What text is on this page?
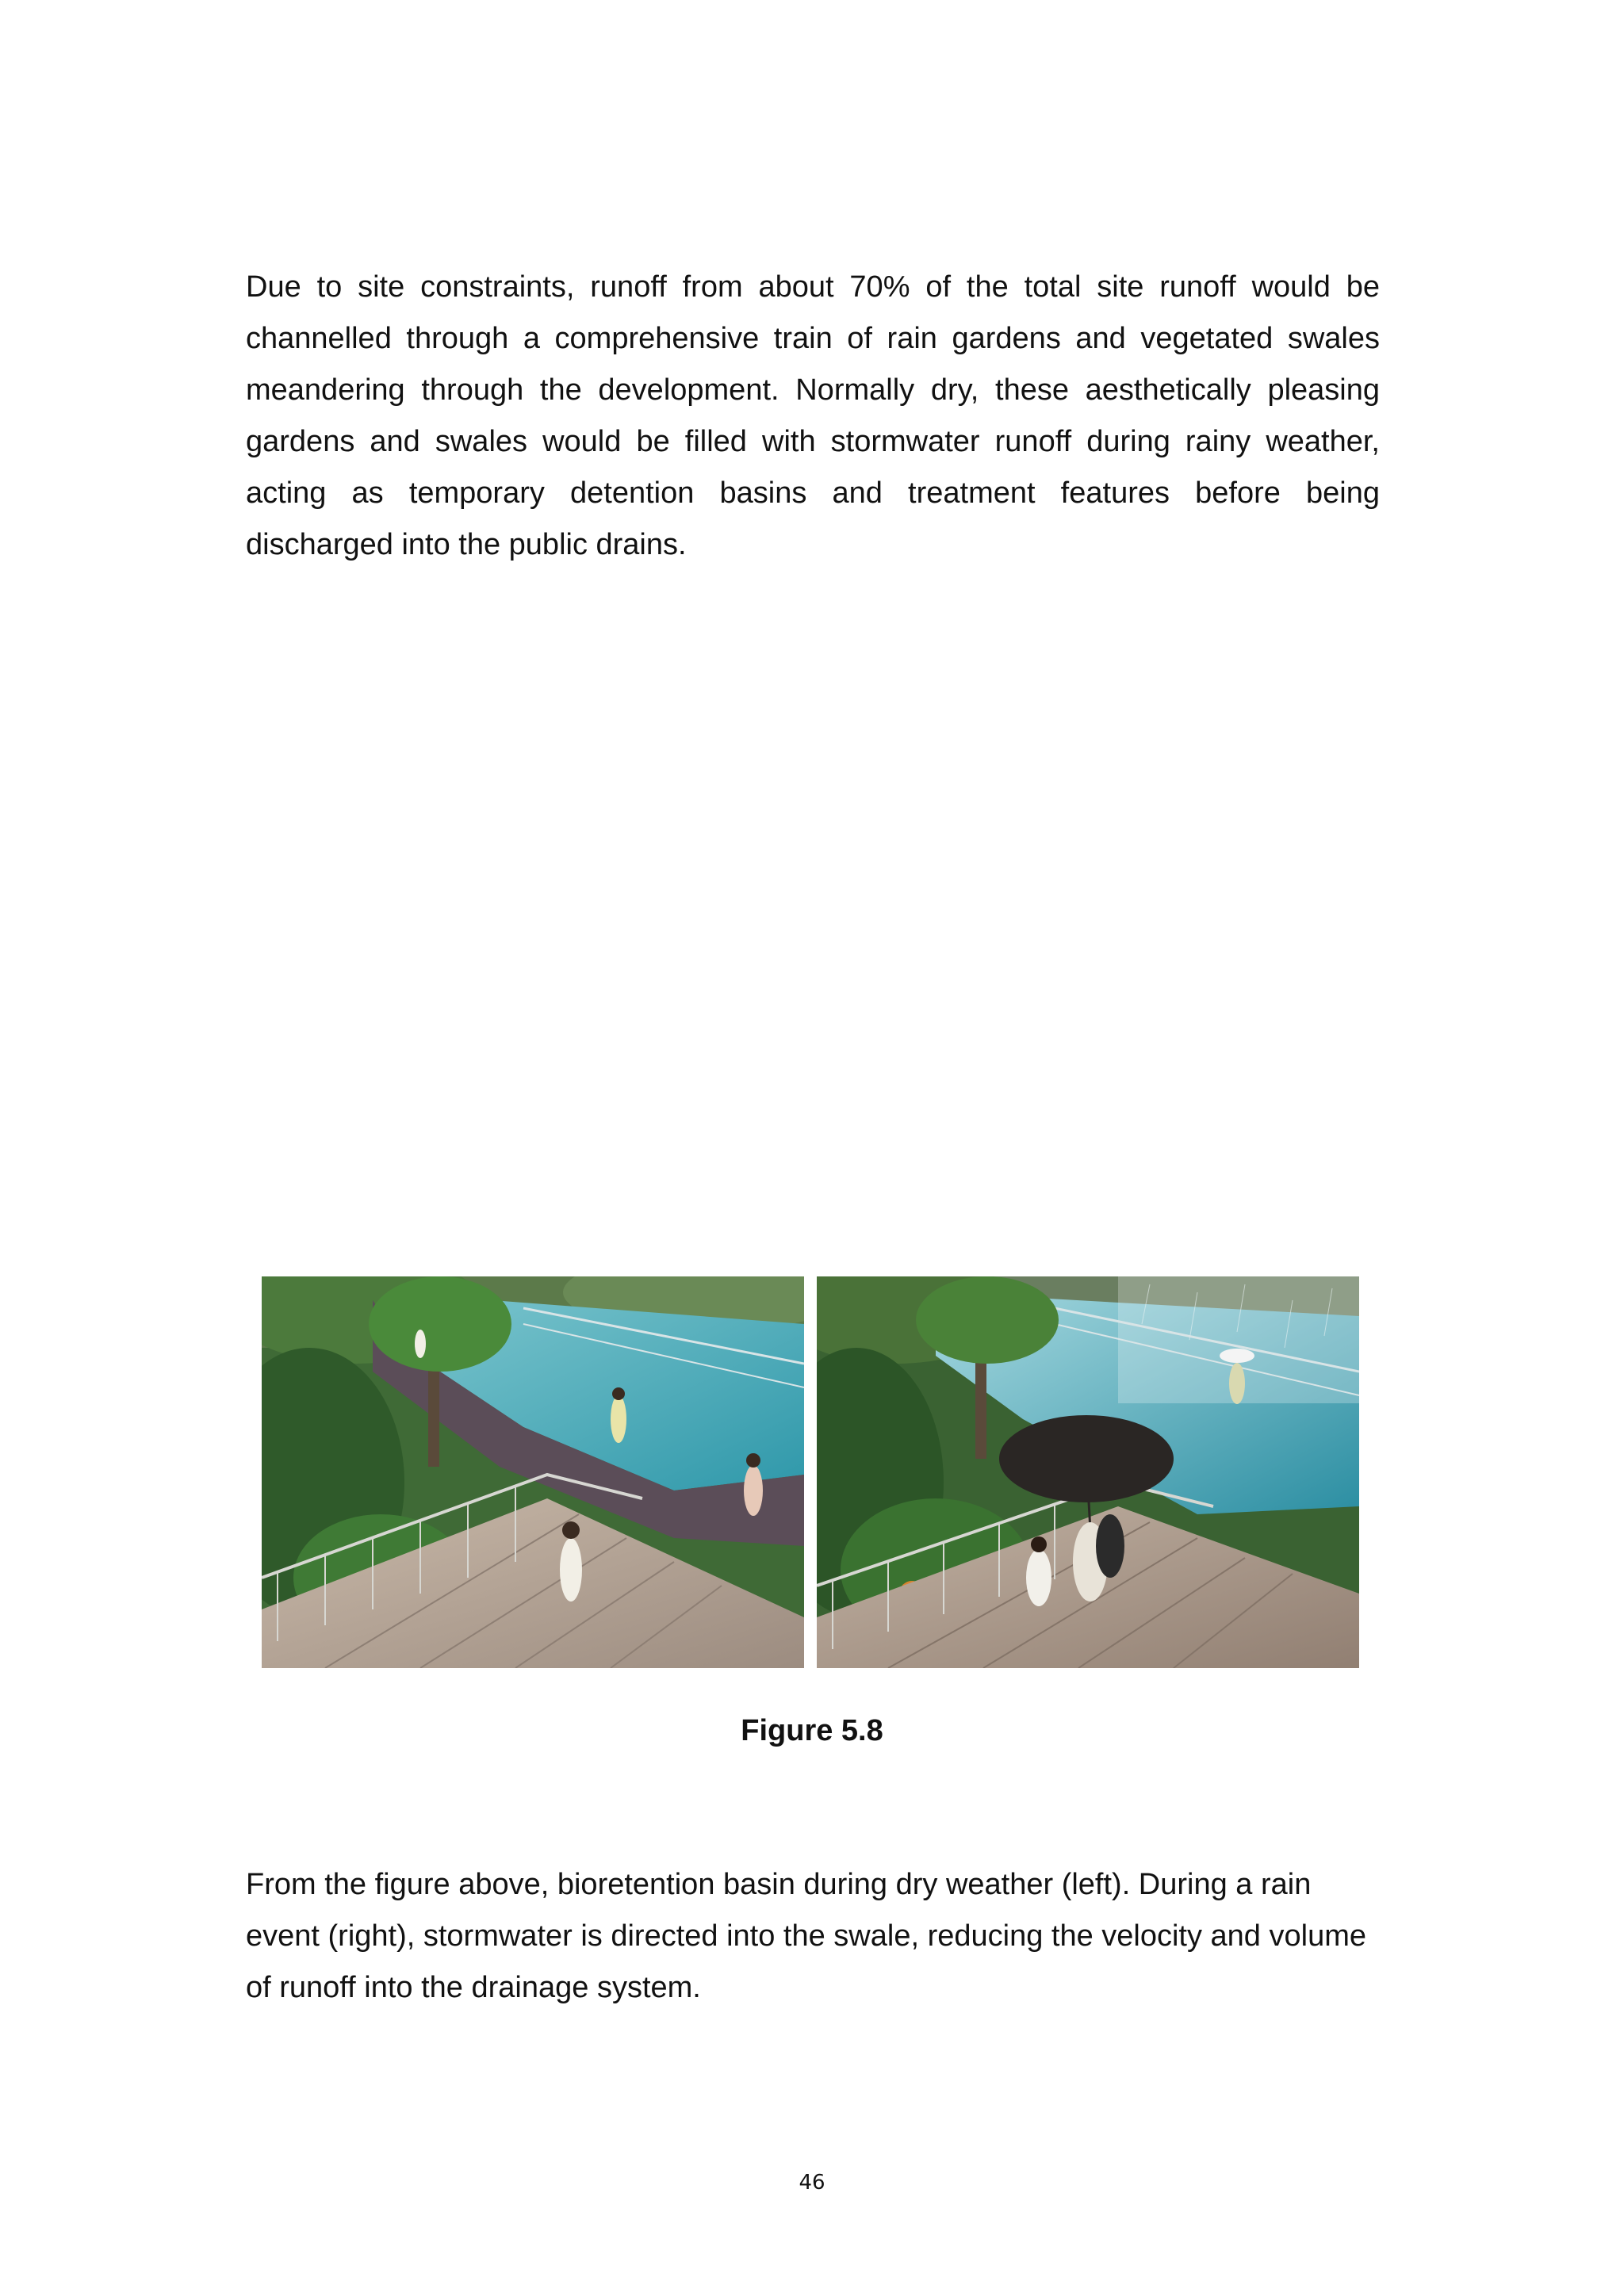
Due to site constraints, runoff from about 70% of the total site runoff would be channelled through a comprehensive train of rain gardens and vegetated swales meandering through the development. Normally dry, these aesthetically pleasing gardens and swales would be filled with stormwater runoff during rainy weather, acting as temporary detention basins and treatment features before being discharged into the public drains.

Figure 5.8

From the figure above, bioretention basin during dry weather (left). During a rain event (right), stormwater is directed into the swale, reducing the velocity and volume of runoff into the drainage system.

46
